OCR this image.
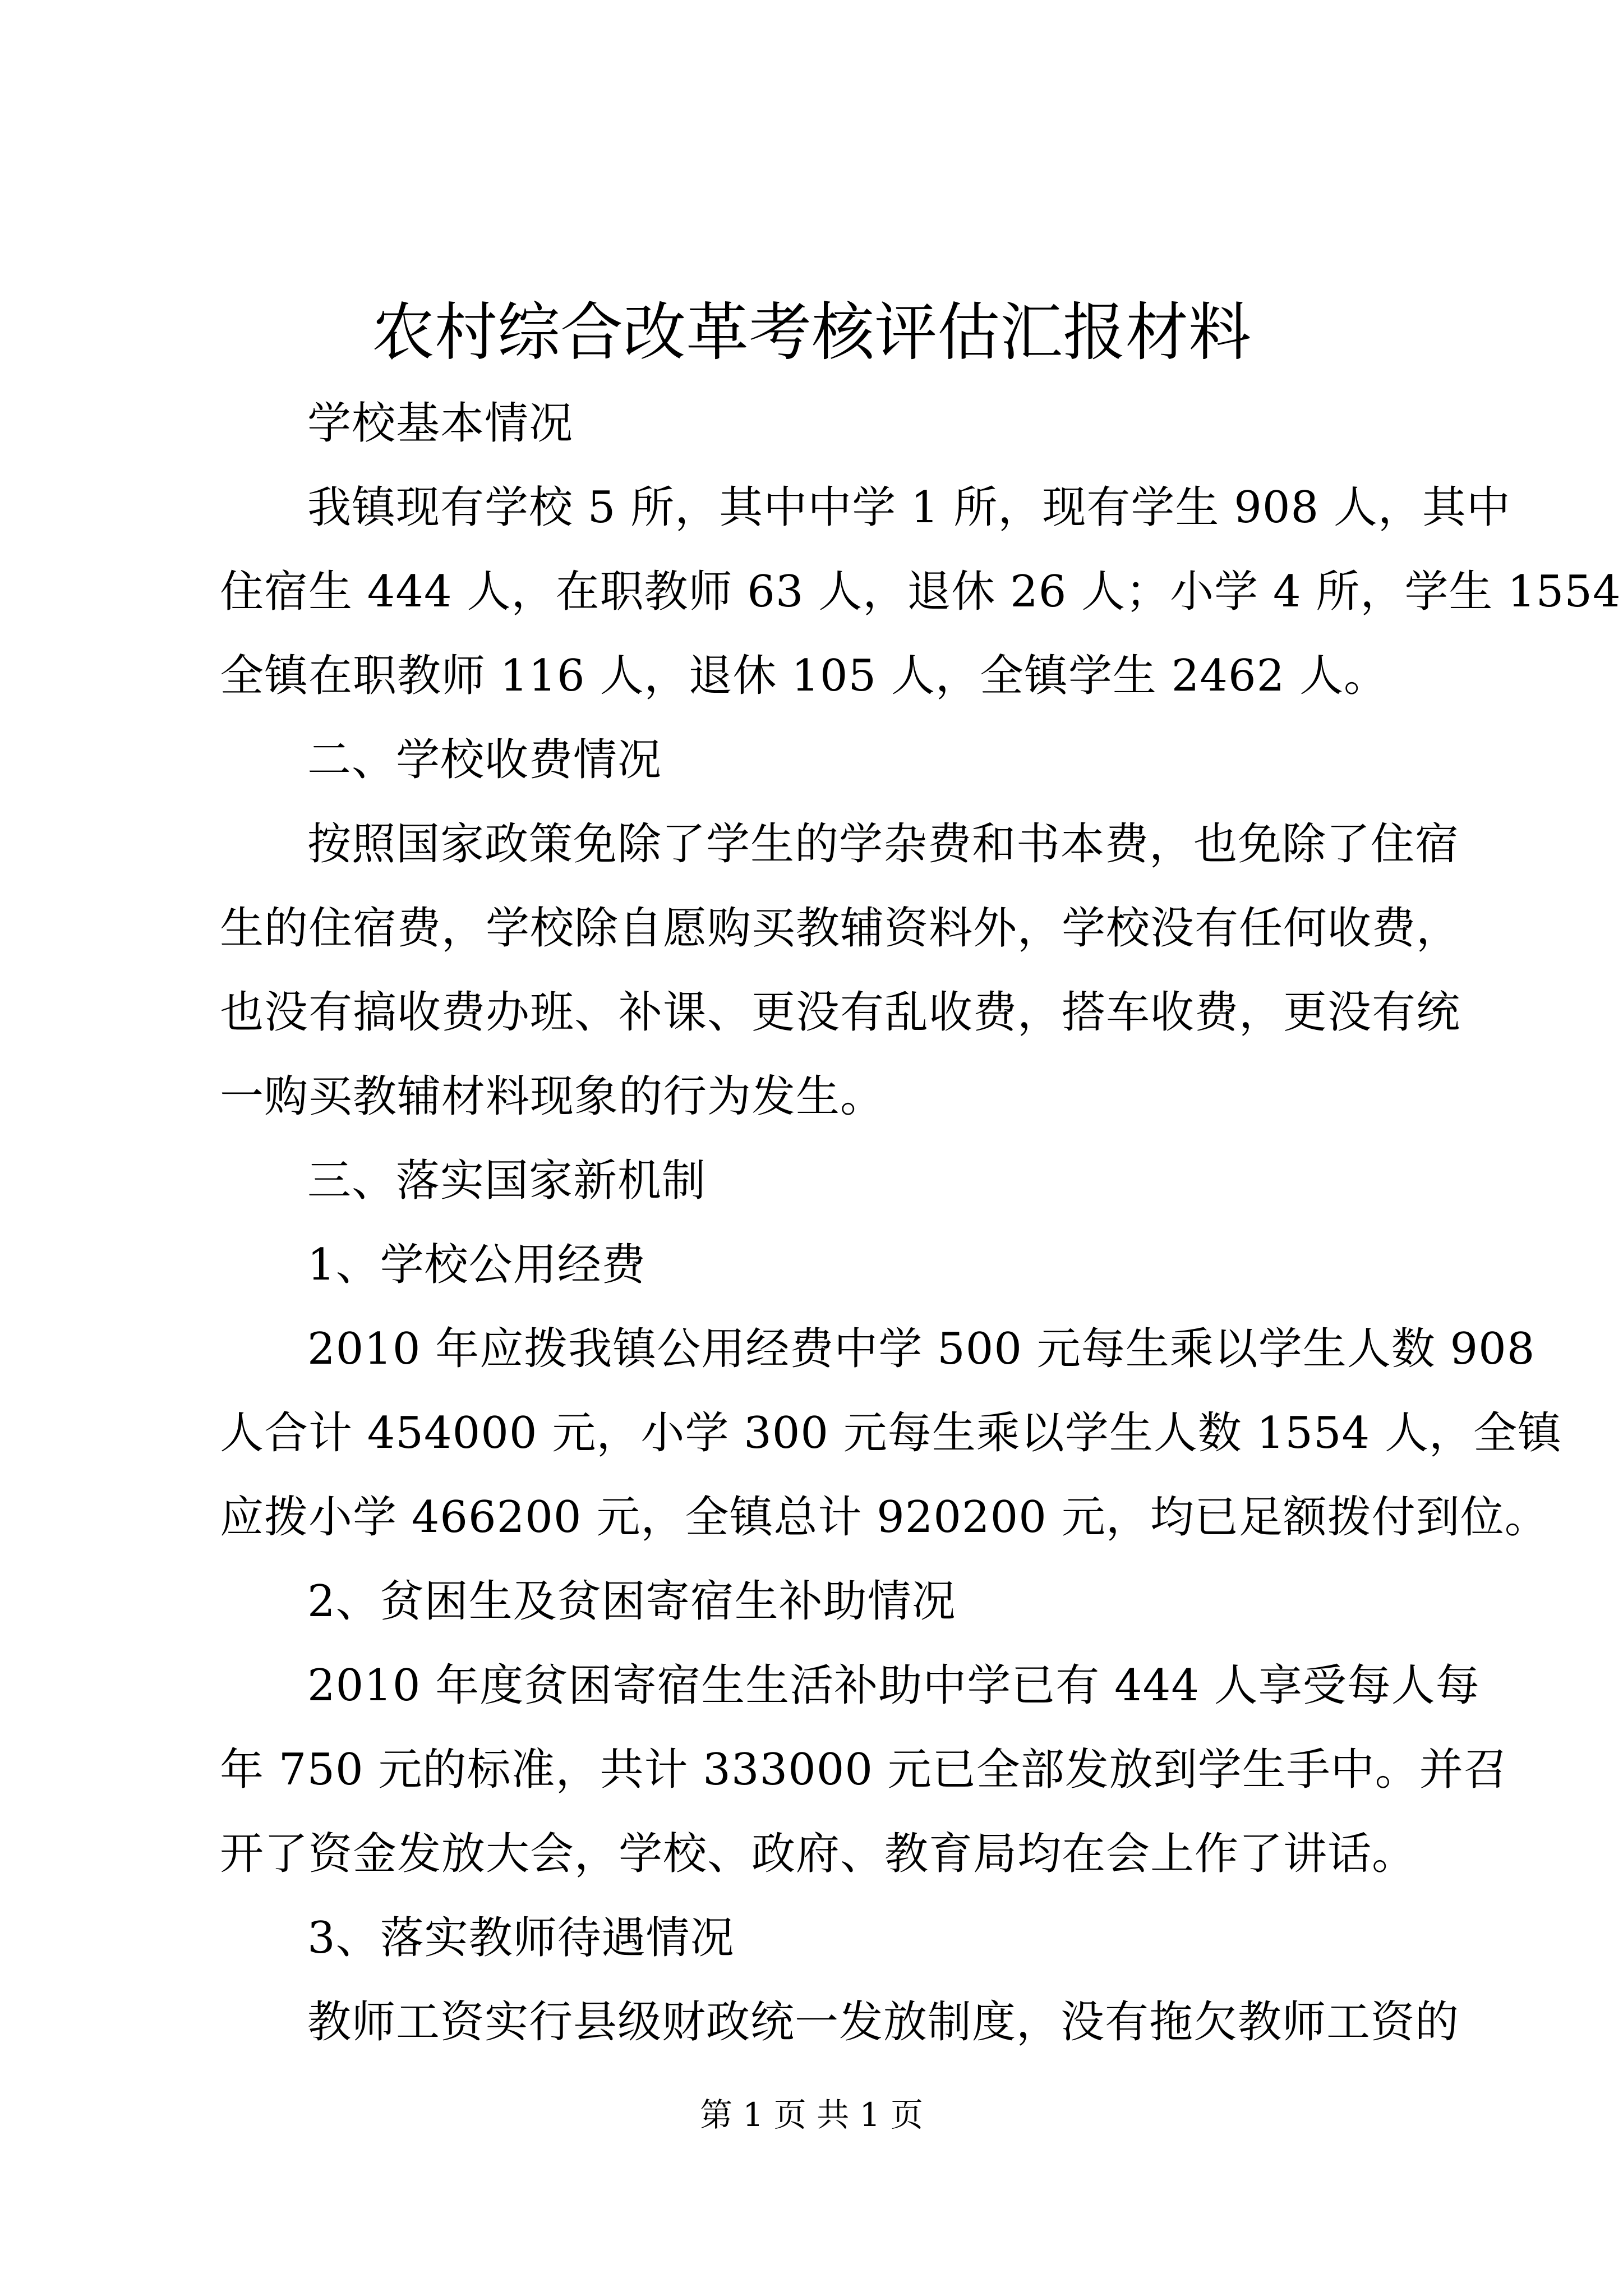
农村综合改革考核评估汇报材料
学校基本情况
我镇现有学校 5 所，其中中学 1 所，现有学生 908 人，其中
住宿生 444 人，在职教师 63 人，退休 26 人；小学 4 所，学生 1554
全镇在职教师 116 人，退休 105 人，全镇学生 2462 人。
二、学校收费情况
按照国家政策免除了学生的学杂费和书本费，也免除了住宿
生的住宿费，学校除自愿购买教辅资料外，学校没有任何收费，
也没有搞收费办班、补课、更没有乱收费，搭车收费，更没有统
一购买教辅材料现象的行为发生。
三、落实国家新机制
1、学校公用经费
2010 年应拨我镇公用经费中学 500 元每生乘以学生人数 908
人合计 454000 元，小学 300 元每生乘以学生人数 1554 人，全镇
应拨小学 466200 元，全镇总计 920200 元，均已足额拨付到位。
2、贫困生及贫困寄宿生补助情况
2010 年度贫困寄宿生生活补助中学已有 444 人享受每人每
年 750 元的标准，共计 333000 元已全部发放到学生手中。并召
开了资金发放大会，学校、政府、教育局均在会上作了讲话。
3、落实教师待遇情况
教师工资实行县级财政统一发放制度，没有拖欠教师工资的
第 1 页 共 1 页
